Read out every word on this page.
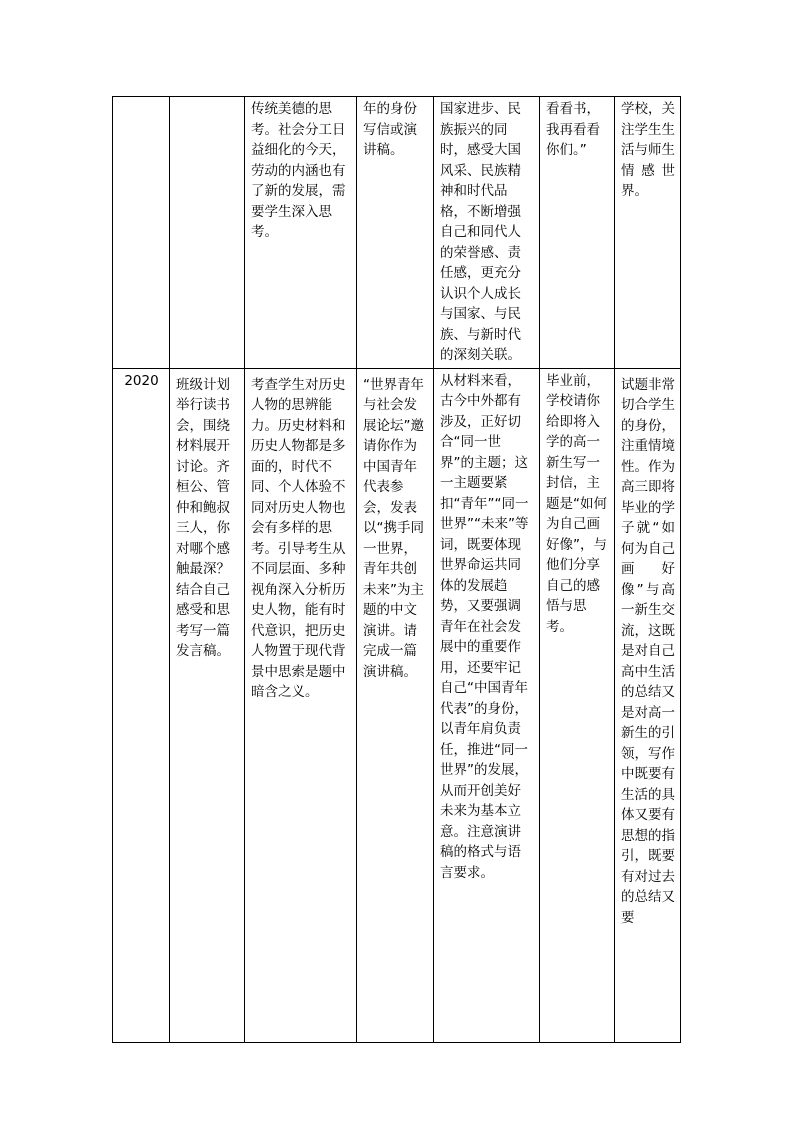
		传统美德的思考。社会分工日益细化的今天，劳动的内涵也有了新的发展，需要学生深入思考。	年的身份写信或演讲稿。	国家进步、民族振兴的同时，感受大国风采、民族精神和时代品格，不断增强自己和同代人的荣誉感、责任感，更充分认识个人成长与国家、与民族、与新时代的深刻关联。	看看书，我再看看你们。”	学校，关注学生生活与师生情感世界。
2020	班级计划举行读书会，围绕材料展开讨论。齐桓公、管仲和鲍叔三人，你对哪个感触最深？结合自己感受和思考写一篇发言稿。	考查学生对历史人物的思辨能力。历史材料和历史人物都是多面的，时代不同、个人体验不同对历史人物也会有多样的思考。引导考生从不同层面、多种视角深入分析历史人物，能有时代意识，把历史人物置于现代背景中思索是题中暗含之义。	“世界青年与社会发展论坛”邀请你作为中国青年代表参会，发表以“携手同一世界，青年共创未来”为主题的中文演讲。请完成一篇演讲稿。	从材料来看，古今中外都有涉及，正好切合“同一世界”的主题；这一主题要紧扣“青年”“同一世界”“未来”等词，既要体现世界命运共同体的发展趋势，又要强调青年在社会发展中的重要作用，还要牢记自己“中国青年代表”的身份，以青年肩负责任，推进“同一世界”的发展，从而开创美好未来为基本立意。注意演讲稿的格式与语言要求。	毕业前，学校请你给即将入学的高一新生写一封信，主题是“如何为自己画好像”，与他们分享自己的感悟与思考。	试题非常切合学生的身份，注重情境性。作为高三即将毕业的学子就“如何为自己画好像”与高一新生交流，这既是对自己高中生活的总结又是对高一新生的引领，写作中既要有生活的具体又要有思想的指引，既要有对过去的总结又要
